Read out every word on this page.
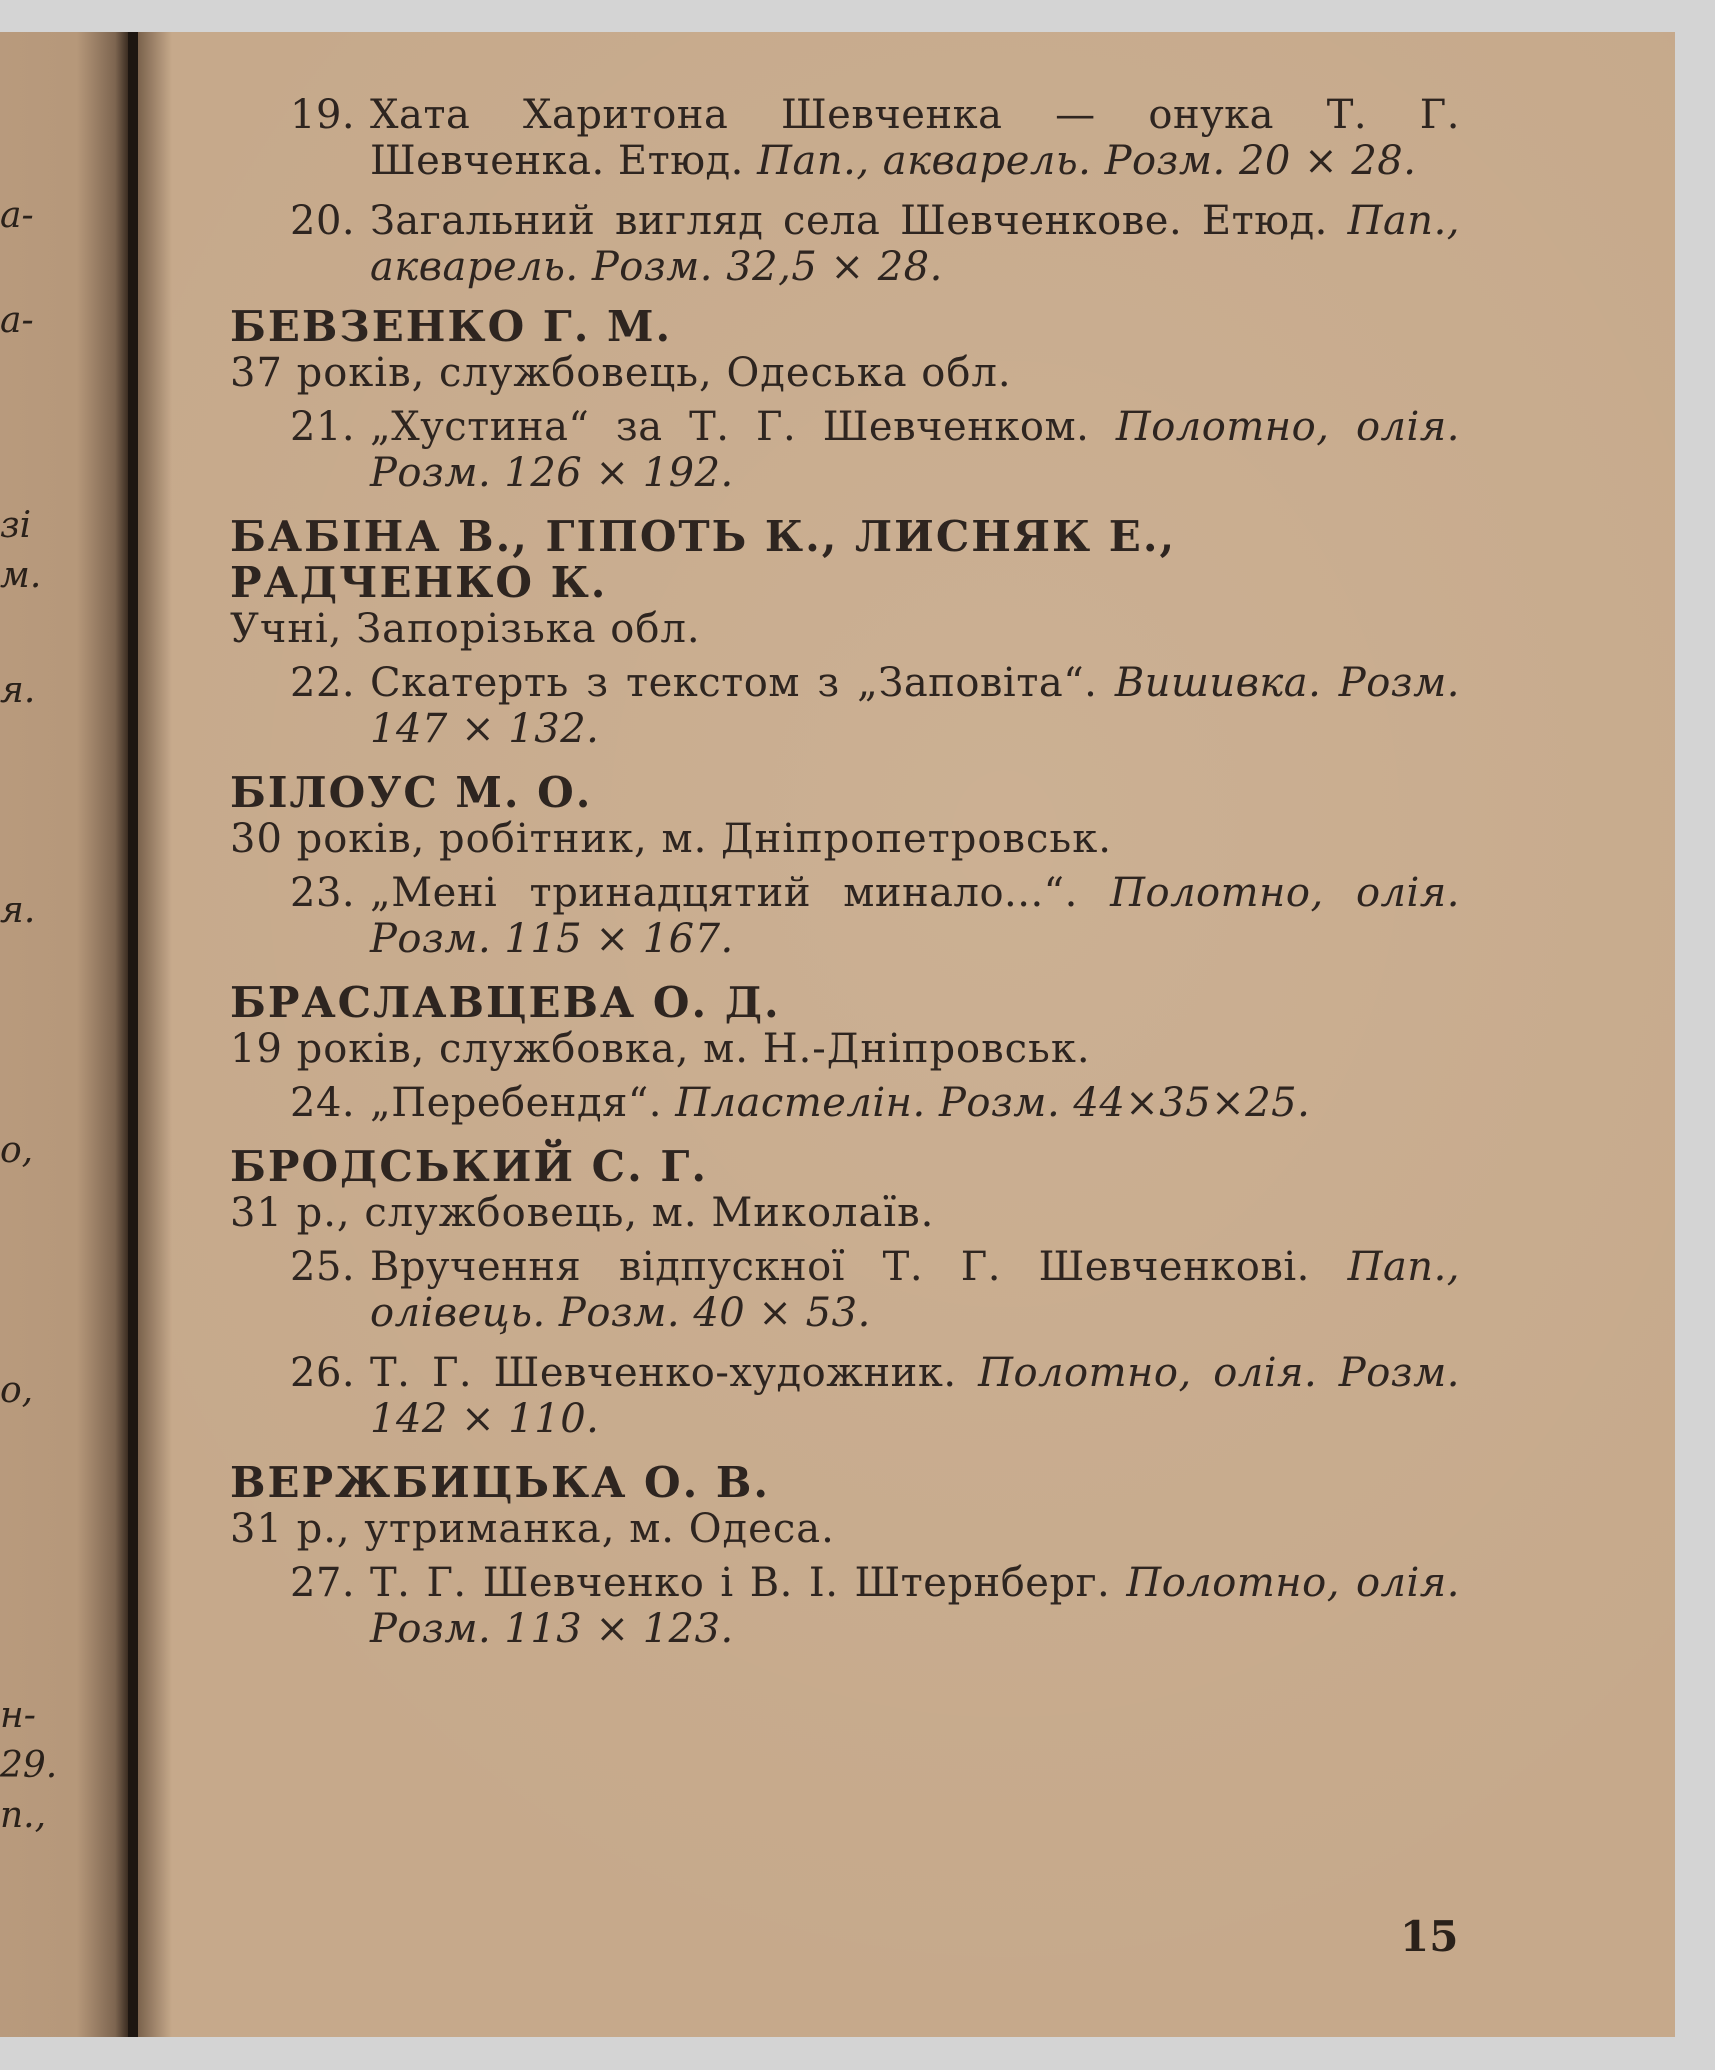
а-
а-
зі
м.
я.
я.
о,
о,
н-
29.
п.,

19. Хата Харитона Шевченка — онука Т. Г. Шевченка. Етюд. Пап., акварель. Розм. 20 × 28.

20. Загальний вигляд села Шевченкове. Етюд. Пап., акварель. Розм. 32,5 × 28.

БЕВЗЕНКО Г. М.

37 років, службовець, Одеська обл.

21. „Хустина“ за Т. Г. Шевченком. Полотно, олія. Розм. 126 × 192.

БАБІНА В., ГІПОТЬ К., ЛИСНЯК Е., РАДЧЕНКО К.

Учні, Запорізька обл.

22. Скатерть з текстом з „Заповіта“. Вишивка. Розм. 147 × 132.

БІЛОУС М. О.

30 років, робітник, м. Дніпропетровськ.

23. „Мені тринадцятий минало...“. Полотно, олія. Розм. 115 × 167.

БРАСЛАВЦЕВА О. Д.

19 років, службовка, м. Н.-Дніпровськ.

24. „Перебендя“. Пластелін. Розм. 44×35×25.

БРОДСЬКИЙ С. Г.

31 р., службовець, м. Миколаїв.

25. Вручення відпускної Т. Г. Шевченкові. Пап., олівець. Розм. 40 × 53.

26. Т. Г. Шевченко-художник. Полотно, олія. Розм. 142 × 110.

ВЕРЖБИЦЬКА О. В.

31 р., утриманка, м. Одеса.

27. Т. Г. Шевченко і В. І. Штернберг. Полотно, олія. Розм. 113 × 123.

15
